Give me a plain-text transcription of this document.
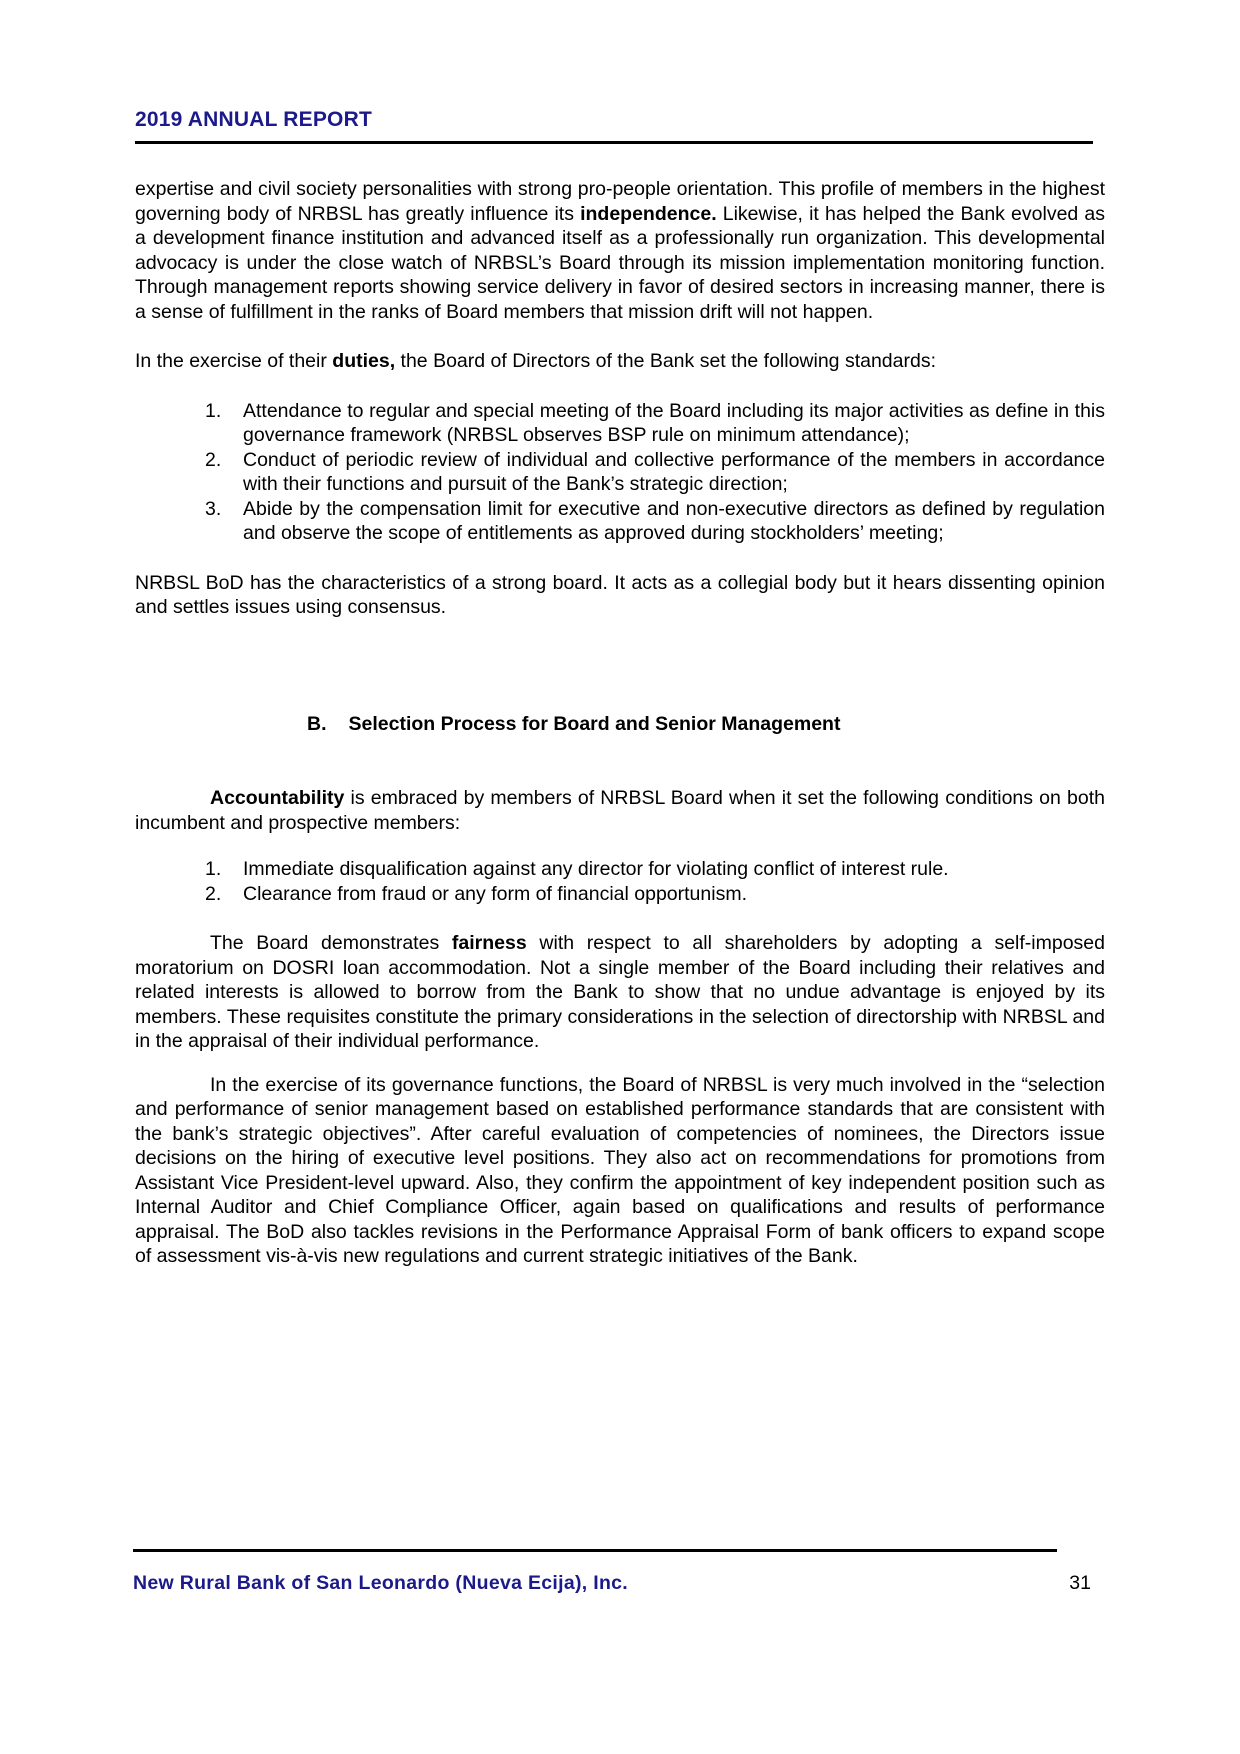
2019 ANNUAL REPORT

expertise and civil society personalities with strong pro-people orientation. This profile of members in the highest governing body of NRBSL has greatly influence its independence. Likewise, it has helped the Bank evolved as a development finance institution and advanced itself as a professionally run organization. This developmental advocacy is under the close watch of NRBSL’s Board through its mission implementation monitoring function. Through management reports showing service delivery in favor of desired sectors in increasing manner, there is a sense of fulfillment in the ranks of Board members that mission drift will not happen.

In the exercise of their duties, the Board of Directors of the Bank set the following standards:

Attendance to regular and special meeting of the Board including its major activities as define in this governance framework (NRBSL observes BSP rule on minimum attendance);
Conduct of periodic review of individual and collective performance of the members in accordance with their functions and pursuit of the Bank’s strategic direction;
Abide by the compensation limit for executive and non-executive directors as defined by regulation and observe the scope of entitlements as approved during stockholders’ meeting;

NRBSL BoD has the characteristics of a strong board. It acts as a collegial body but it hears dissenting opinion and settles issues using consensus.

B. Selection Process for Board and Senior Management

Accountability is embraced by members of NRBSL Board when it set the following conditions on both incumbent and prospective members:

Immediate disqualification against any director for violating conflict of interest rule.
Clearance from fraud or any form of financial opportunism.

The Board demonstrates fairness with respect to all shareholders by adopting a self-imposed moratorium on DOSRI loan accommodation. Not a single member of the Board including their relatives and related interests is allowed to borrow from the Bank to show that no undue advantage is enjoyed by its members. These requisites constitute the primary considerations in the selection of directorship with NRBSL and in the appraisal of their individual performance.

In the exercise of its governance functions, the Board of NRBSL is very much involved in the “selection and performance of senior management based on established performance standards that are consistent with the bank’s strategic objectives”. After careful evaluation of competencies of nominees, the Directors issue decisions on the hiring of executive level positions. They also act on recommendations for promotions from Assistant Vice President-level upward. Also, they confirm the appointment of key independent position such as Internal Auditor and Chief Compliance Officer, again based on qualifications and results of performance appraisal. The BoD also tackles revisions in the Performance Appraisal Form of bank officers to expand scope of assessment vis-à-vis new regulations and current strategic initiatives of the Bank.

New Rural Bank of San Leonardo (Nueva Ecija), Inc.	31
